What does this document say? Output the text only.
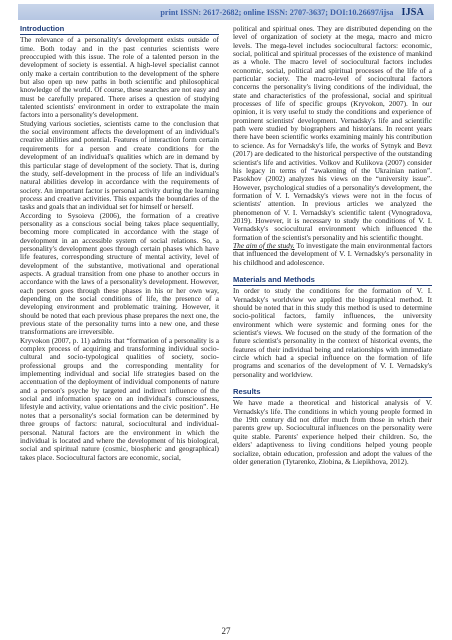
print ISSN: 2617-2682; online ISSN: 2707-3637; DOI:10.26697/ijsa IJSA
Introduction

The relevance of a personality's development exists outside of time. Both today and in the past centuries scientists were preoccupied with this issue. The role of a talented person in the development of society is essential. A high-level specialist cannot only make a certain contribution to the development of the sphere but also open up new paths in both scientific and philosophical knowledge of the world. Of course, these searches are not easy and must be carefully prepared. There arises a question of studying talented scientists' environment in order to extrapolate the main factors into a personality's development.

Studying various societies, scientists came to the conclusion that the social environment affects the development of an individual's creative abilities and potential. Features of interaction form certain requirements for a person and create conditions for the development of an individual's qualities which are in demand by this particular stage of development of the society. That is, during the study, self-development in the process of life an individual's natural abilities develop in accordance with the requirements of society. An important factor is personal activity during the learning process and creative activities. This expands the boundaries of the tasks and goals that an individual set for himself or herself.

According to Sysoieva (2006), the formation of a creative personality as a conscious social being takes place sequentially, becoming more complicated in accordance with the stage of development in an accessible system of social relations. So, a personality's development goes through certain phases which have life features, corresponding structure of mental activity, level of development of the substantive, motivational and operational aspects. A gradual transition from one phase to another occurs in accordance with the laws of a personality's development. However, each person goes through these phases in his or her own way, depending on the social conditions of life, the presence of a developing environment and problematic training. However, it should be noted that each previous phase prepares the next one, the previous state of the personality turns into a new one, and these transformations are irreversible.

Kryvokon (2007, p. 11) admits that “formation of a personality is a complex process of acquiring and transforming individual socio-cultural and socio-typological qualities of society, socio-professional groups and the corresponding mentality for implementing individual and social life strategies based on the accentuation of the deployment of individual components of nature and a person's psyche by targeted and indirect influence of the social and information space on an individual's consciousness, lifestyle and activity, value orientations and the civic position”. He notes that a personality's social formation can be determined by three groups of factors: natural, sociocultural and individual-personal. Natural factors are the environment in which the individual is located and where the development of his biological, social and spiritual nature (cosmic, biospheric and geographical) takes place. Sociocultural factors are economic, social,

political and spiritual ones. They are distributed depending on the level of organization of society at the mega, macro and micro levels. The mega-level includes sociocultural factors: economic, social, political and spiritual processes of the existence of mankind as a whole. The macro level of sociocultural factors includes economic, social, political and spiritual processes of the life of a particular society. The macro-level of sociocultural factors concerns the personality's living conditions of the individual, the state and characteristics of the professional, social and spiritual processes of life of specific groups (Kryvokon, 2007). In our opinion, it is very useful to study the conditions and experience of prominent scientists' development. Vernadsky's life and scientific path were studied by biographers and historians. In recent years there have been scientific works examining mainly his contribution to science. As for Vernadsky's life, the works of Sytnyk and Bevz (2017) are dedicated to the historical perspective of the outstanding scientist's life and activities. Volkov and Kulikova (2007) consider his legacy in terms of “awakening of the Ukrainian nation”. Pasokhov (2002) analyzes his views on the “university issue”. However, psychological studies of a personality's development, the formation of V. I. Vernadsky's views were not in the focus of scientists' attention. In previous articles we analyzed the phenomenon of V. I. Vernadsky's scientific talent (Vynogradova, 2019). However, it is necessary to study the conditions of V. I. Vernadsky's sociocultural environment which influenced the formation of the scientist's personality and his scientific thought.

The aim of the study. To investigate the main environmental factors that influenced the development of V. I. Vernadsky's personality in his childhood and adolescence.

Materials and Methods

In order to study the conditions for the formation of V. I. Vernadsky's worldview we applied the biographical method. It should be noted that in this study this method is used to determine socio-political factors, family influences, the university environment which were systemic and forming ones for the scientist's views. We focused on the study of the formation of the future scientist's personality in the context of historical events, the features of their individual being and relationships with immediate circle which had a special influence on the formation of life programs and scenarios of the development of V. I. Vernadsky's personality and worldview.

Results

We have made a theoretical and historical analysis of V. Vernadsky's life. The conditions in which young people formed in the 19th century did not differ much from those in which their parents grew up. Sociocultural influences on the personality were quite stable. Parents' experience helped their children. So, the elders' adaptiveness to living conditions helped young people socialize, obtain education, profession and adopt the values of the older generation (Tytarenko, Zlobina, & Liepikhova, 2012).

27
